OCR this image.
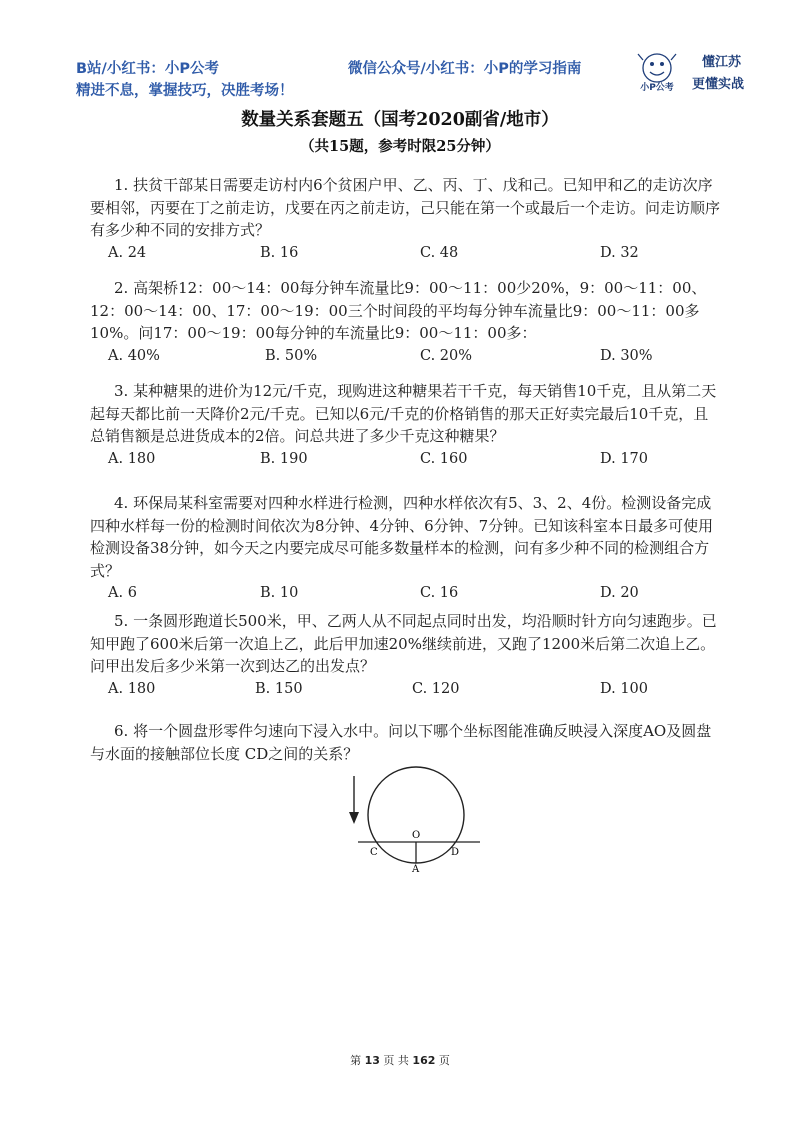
B站/小红书：小P公考
精进不息，掌握技巧，决胜考场！
微信公众号/小红书：小P的学习指南
小P公考
懂江苏
更懂实战
数量关系套题五（国考2020副省/地市）
（共15题，参考时限25分钟）

1. 扶贫干部某日需要走访村内6个贫困户甲、乙、丙、丁、戊和己。已知甲和乙的走访次序要相邻，丙要在丁之前走访，戊要在丙之前走访，己只能在第一个或最后一个走访。问走访顺序有多少种不同的安排方式？

A. 24	B. 16	C. 48	D. 32

2. 高架桥12：00～14：00每分钟车流量比9：00～11：00少20%，9：00～11：00、12：00～14：00、17：00～19：00三个时间段的平均每分钟车流量比9：00～11：00多10%。问17：00～19：00每分钟的车流量比9：00～11：00多：

A. 40%	B. 50%	C. 20%	D. 30%

3. 某种糖果的进价为12元/千克，现购进这种糖果若干千克，每天销售10千克，且从第二天起每天都比前一天降价2元/千克。已知以6元/千克的价格销售的那天正好卖完最后10千克，且总销售额是总进货成本的2倍。问总共进了多少千克这种糖果？

A. 180	B. 190	C. 160	D. 170

4. 环保局某科室需要对四种水样进行检测，四种水样依次有5、3、2、4份。检测设备完成四种水样每一份的检测时间依次为8分钟、4分钟、6分钟、7分钟。已知该科室本日最多可使用检测设备38分钟，如今天之内要完成尽可能多数量样本的检测，问有多少种不同的检测组合方式？

A. 6	B. 10	C. 16	D. 20

5. 一条圆形跑道长500米，甲、乙两人从不同起点同时出发，均沿顺时针方向匀速跑步。已知甲跑了600米后第一次追上乙，此后甲加速20%继续前进，又跑了1200米后第二次追上乙。问甲出发后多少米第一次到达乙的出发点？

A. 180	B. 150	C. 120	D. 100

6. 将一个圆盘形零件匀速向下浸入水中。问以下哪个坐标图能准确反映浸入深度AO及圆盘与水面的接触部位长度 CD之间的关系？

O
C
A
D
第 13 页 共 162 页
